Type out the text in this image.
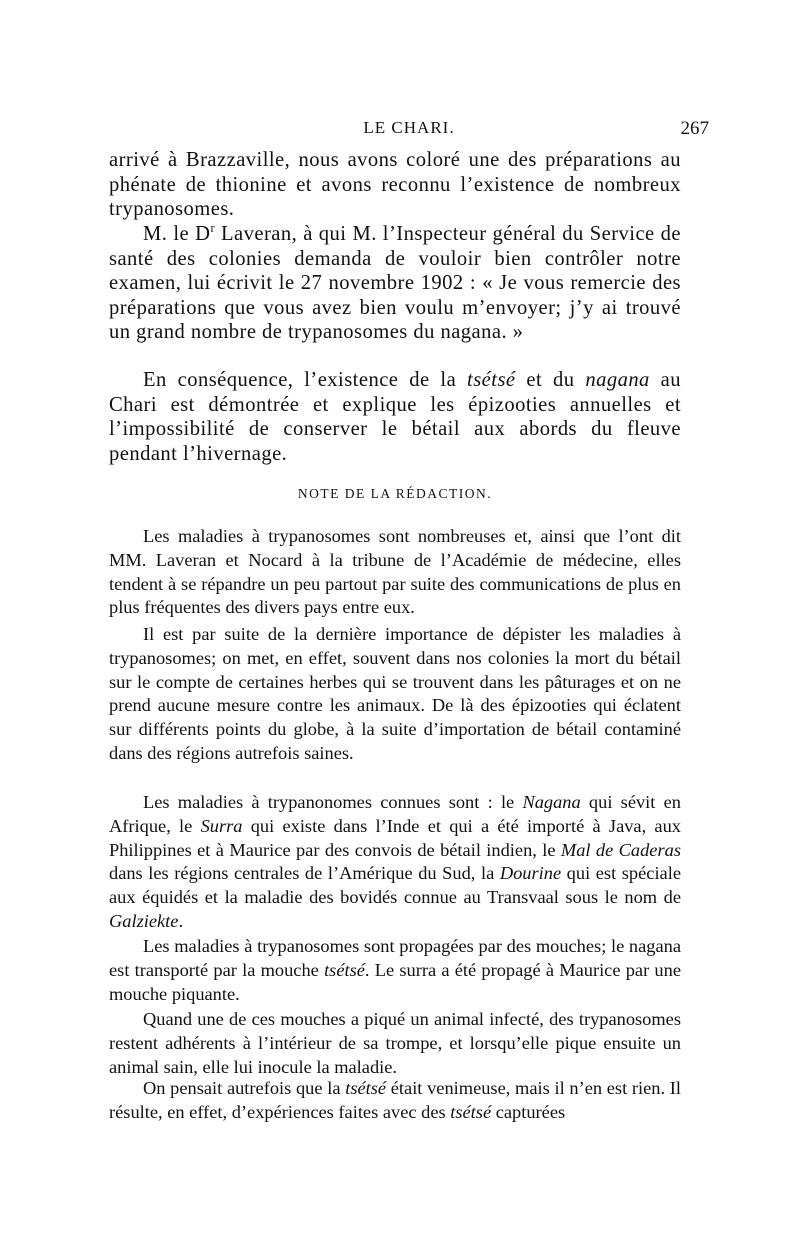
LE CHARI.	267

arrivé à Brazzaville, nous avons coloré une des préparations au phénate de thionine et avons reconnu l’existence de nombreux trypanosomes.

M. le $D^r$ Laveran, à qui M. l’Inspecteur général du Service de santé des colonies demanda de vouloir bien contrôler notre examen, lui écrivit le 27 novembre 1902 : « Je vous remercie des préparations que vous avez bien voulu m’envoyer; j’y ai trouvé un grand nombre de trypanosomes du nagana. »

En conséquence, l’existence de la tsétsé et du nagana au Chari est démontrée et explique les épizooties annuelles et l’impossibilité de conserver le bétail aux abords du fleuve pendant l’hivernage.

NOTE DE LA RÉDACTION.

Les maladies à trypanosomes sont nombreuses et, ainsi que l’ont dit MM. Laveran et Nocard à la tribune de l’Académie de médecine, elles tendent à se répandre un peu partout par suite des communications de plus en plus fréquentes des divers pays entre eux.

Il est par suite de la dernière importance de dépister les maladies à trypanosomes; on met, en effet, souvent dans nos colonies la mort du bétail sur le compte de certaines herbes qui se trouvent dans les pâturages et on ne prend aucune mesure contre les animaux. De là des épizooties qui éclatent sur différents points du globe, à la suite d’importation de bétail contaminé dans des régions autrefois saines.

Les maladies à trypanonomes connues sont : le Nagana qui sévit en Afrique, le Surra qui existe dans l’Inde et qui a été importé à Java, aux Philippines et à Maurice par des convois de bétail indien, le Mal de Caderas dans les régions centrales de l’Amérique du Sud, la Dourine qui est spéciale aux équidés et la maladie des bovidés connue au Transvaal sous le nom de Galziekte.

Les maladies à trypanosomes sont propagées par des mouches; le nagana est transporté par la mouche tsétsé. Le surra a été propagé à Maurice par une mouche piquante.

Quand une de ces mouches a piqué un animal infecté, des trypanosomes restent adhérents à l’intérieur de sa trompe, et lorsqu’elle pique ensuite un animal sain, elle lui inocule la maladie.

On pensait autrefois que la tsétsé était venimeuse, mais il n’en est rien. Il résulte, en effet, d’expériences faites avec des tsétsé capturées
